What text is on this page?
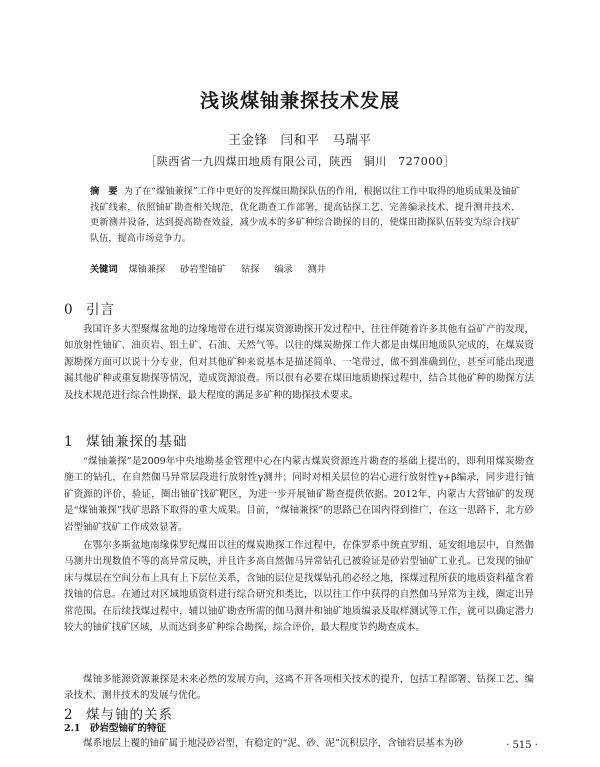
浅谈煤铀兼探技术发展
王金锋　闫和平　马瑞平
［陕西省一九四煤田地质有限公司，陕西　铜川　727000］
摘　要 为了在“煤铀兼探”工作中更好的发挥煤田勘探队伍的作用，根据以往工作中取得的地质成果及铀矿找矿线索，依照铀矿勘查相关规范，优化勘查工作部署，提高钻探工艺、完善编录技术、提升测井技术、更新测井设备，达到提高勘查效益，减少成本的多矿种综合勘探的目的，使煤田勘探队伍转变为综合找矿队伍，提高市场竞争力。
关键词 煤铀兼探 砂岩型铀矿 钻探 编录 测井
0 引言

我国许多大型聚煤盆地的边缘地带在进行煤炭资源勘探开发过程中，往往伴随着许多其他有益矿产的发现，如放射性铀矿、油页岩、铝土矿、石油、天然气等。以往的煤炭勘探工作大都是由煤田地质队完成的，在煤炭资源勘探方面可以说十分专业，但对其他矿种来说基本是描述简单、一笔带过，做不到准确到位，甚至可能出现遗漏其他矿种或重复勘探等情况，造成资源浪费。所以很有必要在煤田地质勘探过程中，结合其他矿种的勘探方法及技术规范进行综合性勘探，最大程度的满足多矿种的勘探技术要求。

1 煤铀兼探的基础

“煤铀兼探”是2009年中央地勘基金管理中心在内蒙古煤炭资源连片勘查的基础上提出的，即利用煤炭勘查施工的钻孔，在自然伽马异常层段进行放射性γ测井；同时对相关层位的岩心进行放射性γ+β编录，同步进行铀矿资源的评价、验证，圈出铀矿找矿靶区，为进一步开展铀矿勘查提供依据。2012年，内蒙古大营铀矿的发现是“煤铀兼探”找矿思路下取得的重大成果。目前，“煤铀兼探”的思路已在国内得到推广，在这一思路下，北方砂岩型铀矿找矿工作成效显著。

在鄂尔多斯盆地南缘侏罗纪煤田以往的煤炭勘探工作过程中，在侏罗系中统直罗组、延安组地层中，自然伽马测井出现数值不等的高异常反映，并且许多高自然伽马异常钻孔已被验证是砂岩型铀矿工业孔。已发现的铀矿床与煤层在空间分布上具有上下层位关系，含铀的层位是找煤钻孔的必经之地，探煤过程所获的地质资料蕴含着找铀的信息。在通过对区域地质资料进行综合研究和类比，以以往工作中获得的自然伽马异常为主线，圈定出异常范围。在后续找煤过程中，辅以铀矿勘查所需的伽马测井和铀矿地质编录及取样测试等工作，就可以确定潜力较大的铀矿找矿区域，从而达到多矿种综合勘探，综合评价，最大程度节约勘查成本。

煤铀多能源资源兼探是未来必然的发展方向，这离不开各项相关技术的提升，包括工程部署、钻探工艺、编录技术、测井技术的发展与优化。

2 煤与铀的关系
2.1 砂岩型铀矿的特征

煤系地层上覆的铀矿属于地浸砂岩型，有稳定的“泥、砂、泥”沉积层序，含铀岩层基本为砂	· 515 ·
